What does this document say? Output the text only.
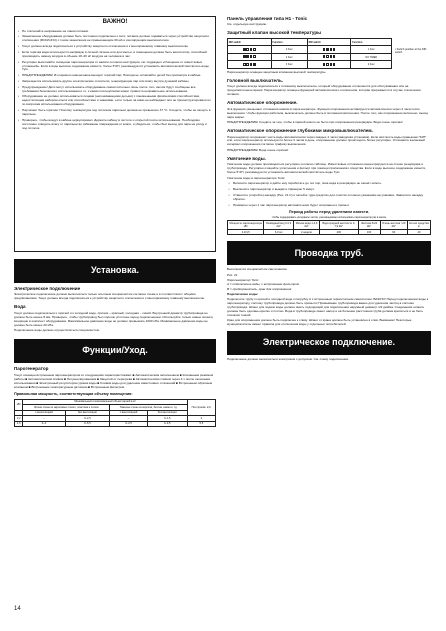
ВАЖНО!

• Не отключайте напряжение на линии питания.

• Заземленное оборудование должно быть постоянно подключено к сети; питание должно подаваться через устройство защитного отключения (RCD/GFCI) с током заземления не превышающим 30 мА и изолирующим выключателем.

• Тонус должен всегда подключаться к устройству защитного отключения и к многоразовому главному выключателю.

• Если горячая вода используется напрямую в личной гигиене или для мытья, в помещении должен быть вентилятор, способный производить замену воздуха в объеме 18–20 м³ воздуха на человека в час.

• Регулярно выполняйте очищение парогенератора от накипи согласно инструкции, см. подраздел «Очищение от известковых отложений». Если в воде высокое содержание извести, более 5°dH, рекомендуется установить автоматический смягчитель воды Tylo.

• ПРЕДУПРЕЖДЕНИЕ! Из парового наконечника выходит горячий пар. Никогда не оставляйте детей без присмотра в кабине.

• Запрещается использовать другие электрические отопители, генерирующие пар или влагу внутри душевой кабины.

• Предупреждение! Дети могут использовать оборудование самостоятельно лишь после того, как им будут сообщены все требования безопасного использования и то, к каким последствиям может привести неправильное использование.

• Оборудование не должно использоваться лицами (непонимающими детьми) с пониженными физическими способностями, недостаточным набором опыта или способностями и знаниями, если только за ними не наблюдают или не проинструктировали их по вопросам использования оборудования.

• Пар может быть горячим. Поэтому температура под потолком парильни должна не превышать 37 °C. Следите, чтобы не заснуть в парильне.

• Проверьте, чтобы воздух в кабине циркулировал. Держите кабину в чистоте и открытой после использования. Необходимо постоянно отводить влагу от парильни во избежание повреждения от влаги, и убедиться, чтобы был выход для пара на улицу и под потолок.

Установка.
Электрическое подключение

Электрическое подключение должно выполняться только опытным специалистом согласно схеме и в соответствии с общими предписаниями. Тонус должен всегда подключаться к устройству защитного отключения и к многоразовому главному выключателю.

Вода

Тонус должен подключаться к горячей и к холодной воде, причем – красный, холодная – синий. Внутренний диаметр трубопровода не должен быть менее 8 мм. Проверьте, чтобы трубопровод был хорошо уплотнен перед подключением. Используйте только новые шланги, входящие в комплект оборудования. Максимальное давление воды не должно превышать 1000 кПа. Минимальное давление воды не должно быть менее 20 кПа.

Подключение воды должно осуществляться специалистом.

Функции/Уход.
Парогенератор

Тонус оснащен встроенным парогенератором со следующими характеристиками: ■ Автоматическим заполнением ■ Клапанным режимом работы ■ Автоматическим сливом ■ Нетуннелированием ■ Защитой от перегрева ■ Автоматическим сливом через 4 ч после окончания использования ■ Электронный регулятором уровня воды ■ Сливом воды для удаления известковых отложений ■ Встроенным обратным клапаном ■ Встроенным температурным датчиком ■ Встроенным фильтром.

Правильная мощность, соответствующая объему помещения:
кВт	Минимальный и максимальный объем парной в м³				Пои произв. кг/ч
	Легкие стены из акриловых стекол, пластика и стекол		Тяжелые стены из кирпича, бетона, камня и т.д.		
	с вентиляцией	без вентиляции	с вентиляцией	без вентиляции	
2,2	–	0–2,5	–	0–1,5	3
4,5	0–4	0–5,5	0–2,5	0–3,5	5,5
Панель управления типа H1 - Tonic

См. отдельную инструкцию.

Защитный клапан высокой температуры
DIP-switch	Function	DIP-switch	Function

	0 hour		1 hour

	2 hour		NO TIMER

	3 hour		2 hour
• Switch position at the DIP-switch

Парогенератор оснащен защитным клапаном высокой температуры.

Головной выключатель.

Тонус должен всегда подключаться к головному выключателю, который оборудование отключается для обслуживания или на продолжительное время. Парогенератор оснащен функцией автоматического отключения, которая прерывается в случае отключения питания.

Автоматическое опорожнение.

Эта функция уменьшает отложения накипи в парогенераторе. Функция опорожнения активируется автоматически через 4 часа после выключения. Чтобы функция работала, выключатель должен быть в положении включения. После того, как опорожнение включено, выход пара закрыт.

ПРЕДУПРЕЖДЕНИЕ! Следите за тем, чтобы в парной никого не было при опорожнении резервуара. Вода очень горячая!

Автоматическое опорожнение глубокими микровыключателем.

Парогенератор опорожняет часть воды автоматически через каждые 4 часа (заводская установка). Если жёсткость воды превышает 5dH° или, если парогенератор используется более 4 часов в день, опорожнение должно происходить более регулярно. Установите желаемый интервал опорожнения согласно графику выключения.

ПРЕДУПРЕЖДЕНИЕ! Вода очень горячая!

Умягчение воды.

Умягчение воды должно производиться регулярно согласно таблице. Известковые отложения концентрируются на стенке резервуара и трубопроводе. Регулярно очищайте уплотнения и фильтр при помощи прилагаемого средства. Если в воде высокое содержание извести, более 5°dH, рекомендуется установить автоматический смягчитель воды Tylo.

Умягчение воды в парогенераторе Tonic

• Включите парогенератор и дайте ему поработать до тех пор, пока вода в резервуаре не начнёт кипеть.

• Выключите парогенератор и выждите примерно 5 минут.

• Отвинтите (откройте) насадку (Рис. 21 C) и залейте туда средство для очистки согласно указаниям на упаковке. Завинтите насадку обратно.

• Примерно через 1 час парогенератор автоматически будет опорожнен и промыт.

Период работы перед удалением извести.
Чтобы поддерживать интервалы чистки, рекомендовано использовать парогенератор раз в месяц
Мощность парогенератора кВт	Безводный вид 0-0,9 dH°	Мягкая вода 1-2,9 dH°	Вода средней жесткости 3-7,9 dH°	Жесткая 8-20 dH°	Очень жесткая >20 dH°	Кол-во средства кг
2,2/4,5	6,0 мл	2 недели	200	100	60	40
Проводка труб.

Выполняется специалистом сантехником.

Рис. 21

Парогенератор Tonic

A = подключение воды, с встроенным фильтром

B = предохранитель, кран для опорожнения

Подключение воды:

Подключите трубу к горячей и холодной воде к патрубку А с встроенным термостатным смесителем. ВАЖНО! Перед подключением воды к парогенератору, систему трубопровода должно быть промыто! Промывание трубопровода важно для удаления частиц в системе трубопровода. Шланг для подачи воды должен иметь подходящий для подключения наружный диаметр 1/2 дюйма. Соединения шланга должны быть сделаны крепко и плотно. Вода в трубопроводе имеет напор и на большие расстояния труба должна крепиться и не быть слишком тонкой.

Кран для опорожнения должен быть подключен к сливу. Шланг от крана должен быть установлен в слив. Внимание! Некоторые муниципалитеты имеют правила для отключения воды у отдельных потребителей.

Электрическое подключение.

Подключение должно выполняться электриком с допуском. См. схему подключения.

14
